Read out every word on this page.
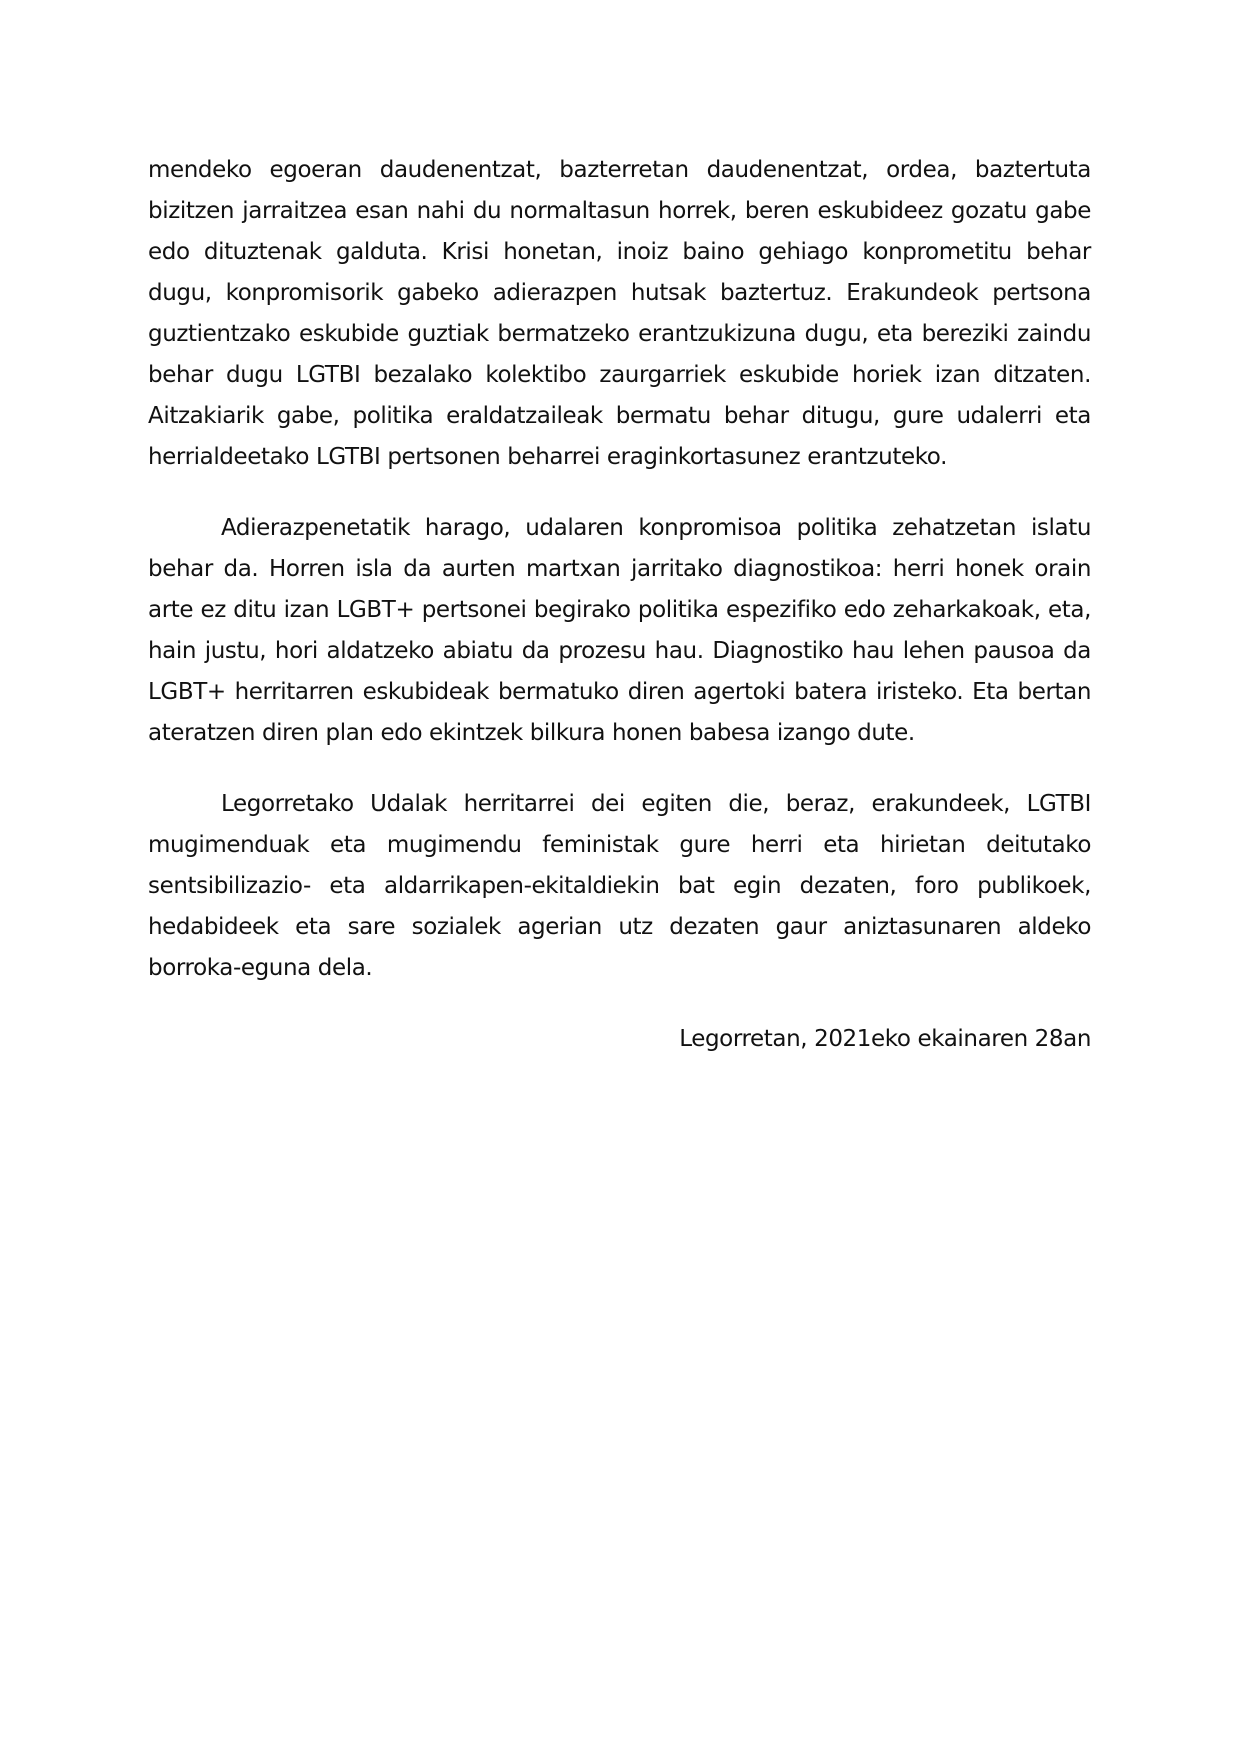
mendeko egoeran daudenentzat, bazterretan daudenentzat, ordea, baztertuta bizitzen jarraitzea esan nahi du normaltasun horrek, beren eskubideez gozatu gabe edo dituztenak galduta. Krisi honetan, inoiz baino gehiago konprometitu behar dugu, konpromisorik gabeko adierazpen hutsak baztertuz. Erakundeok pertsona guztientzako eskubide guztiak bermatzeko erantzukizuna dugu, eta bereziki zaindu behar dugu LGTBI bezalako kolektibo zaurgarriek eskubide horiek izan ditzaten. Aitzakiarik gabe, politika eraldatzaileak bermatu behar ditugu, gure udalerri eta herrialdeetako LGTBI pertsonen beharrei eraginkortasunez erantzuteko.

Adierazpenetatik harago, udalaren konpromisoa politika zehatzetan islatu behar da. Horren isla da aurten martxan jarritako diagnostikoa: herri honek orain arte ez ditu izan LGBT+ pertsonei begirako politika espezifiko edo zeharkakoak, eta, hain justu, hori aldatzeko abiatu da prozesu hau. Diagnostiko hau lehen pausoa da LGBT+ herritarren eskubideak bermatuko diren agertoki batera iristeko. Eta bertan ateratzen diren plan edo ekintzek bilkura honen babesa izango dute.

Legorretako Udalak herritarrei dei egiten die, beraz, erakundeek, LGTBI mugimenduak eta mugimendu feministak gure herri eta hirietan deitutako sentsibilizazio- eta aldarrikapen-ekitaldiekin bat egin dezaten, foro publikoek, hedabideek eta sare sozialek agerian utz dezaten gaur aniztasunaren aldeko borroka-eguna dela.

Legorretan, 2021eko ekainaren 28an
